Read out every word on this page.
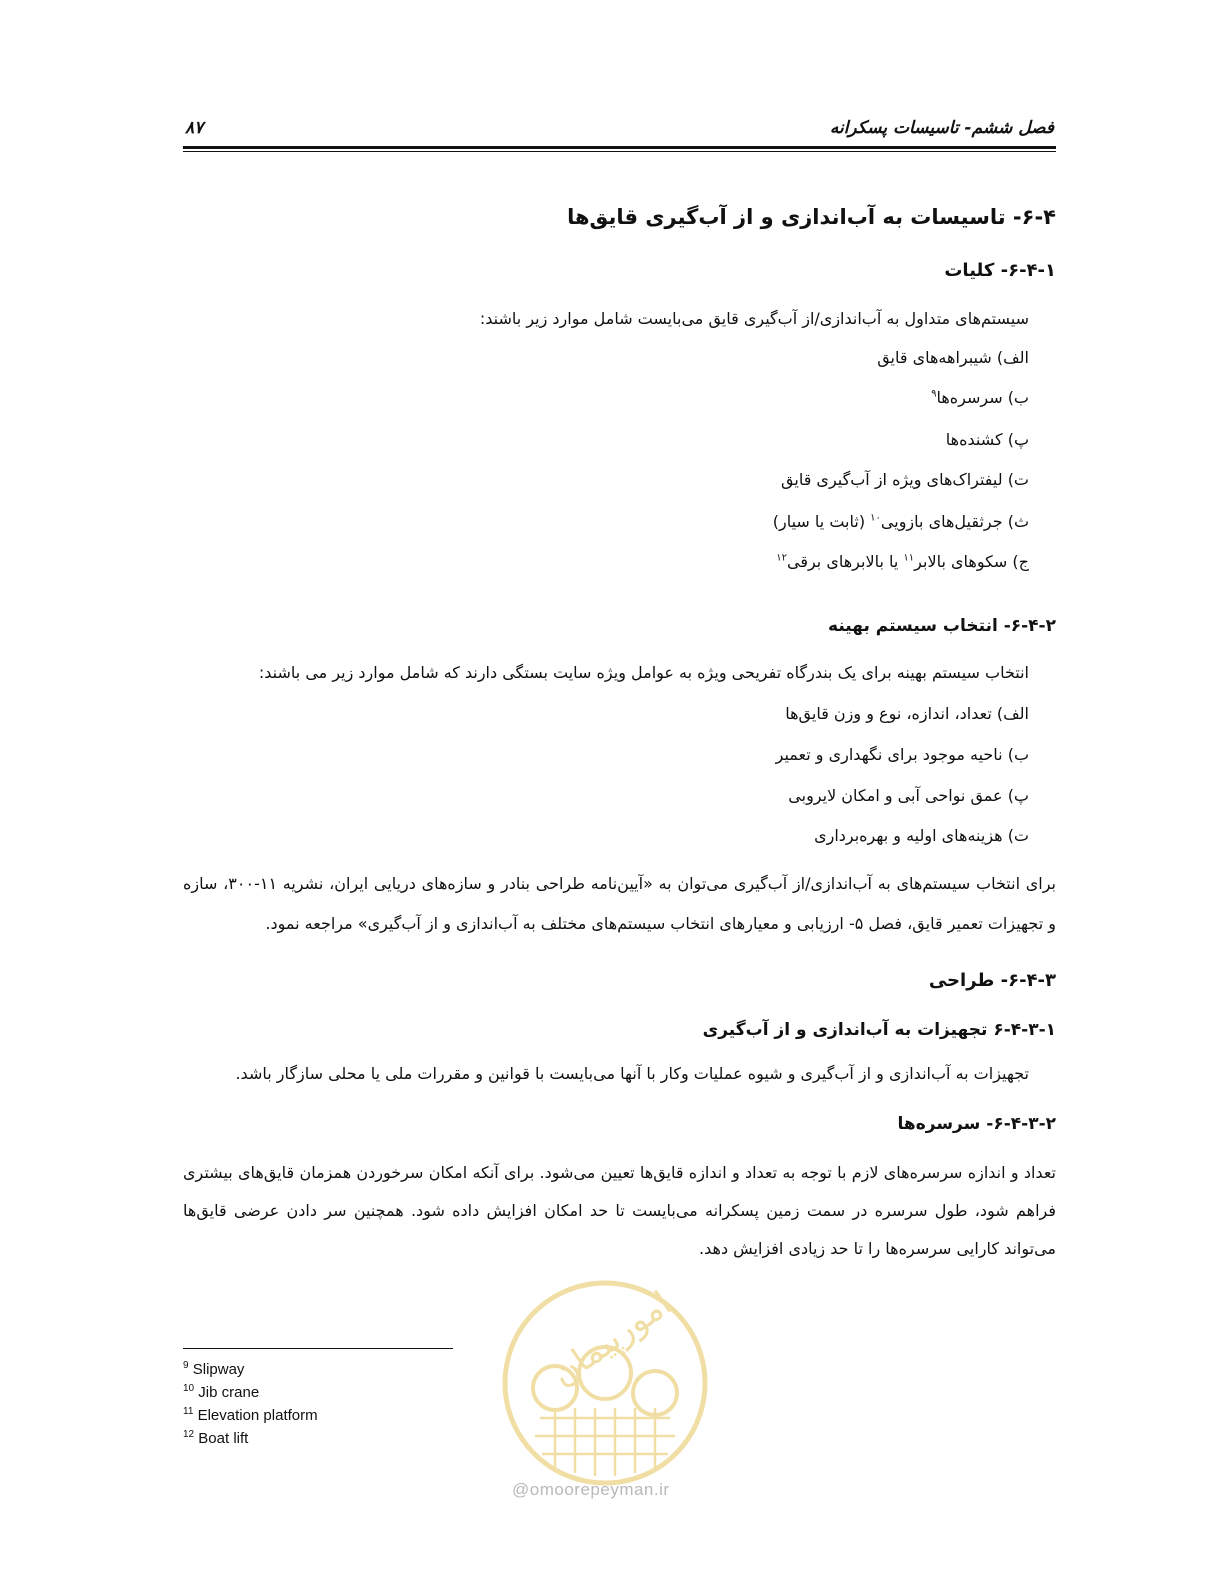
فصل ششم- تاسیسات پسکرانه
۸۷
۶-۴- تاسیسات به آب‌اندازی و از آب‌گیری قایق‌ها
۶-۴-۱- کلیات
سیستم‌های متداول به آب‌اندازی/از آب‌گیری قایق می‌بایست شامل موارد زیر باشند:
الف) شیبراهه‌های قایق
ب) سرسره‌ها$^۹$
پ) کشنده‌ها
ت) لیفتراک‌های ویژه از آب‌گیری قایق
ث) جرثقیل‌های بازویی$^{۱۰}$ (ثابت یا سیار)
ج) سکوهای بالابر$^{۱۱}$ یا بالابرهای برقی$^{۱۲}$
۶-۴-۲- انتخاب سیستم بهینه
انتخاب سیستم بهینه برای یک بندرگاه تفریحی ویژه به عوامل ویژه سایت بستگی دارند که شامل موارد زیر می باشند:
الف) تعداد، اندازه، نوع و وزن قایق‌ها
ب) ناحیه موجود برای نگهداری و تعمیر
پ) عمق نواحی آبی و امکان لایروبی
ت) هزینه‌های اولیه و بهره‌برداری
برای انتخاب سیستم‌های به آب‌اندازی/از آب‌گیری می‌توان به «آیین‌نامه طراحی بنادر و سازه‌های دریایی ایران، نشریه ۱۱-۳۰۰، سازه و تجهیزات تعمیر قایق، فصل ۵- ارزیابی و معیارهای انتخاب سیستم‌های مختلف به آب‌اندازی و از آب‌گیری» مراجعه نمود.
۶-۴-۳- طراحی
۶-۴-۳-۱ تجهیزات به آب‌اندازی و از آب‌گیری
تجهیزات به آب‌اندازی و از آب‌گیری و شیوه عملیات وکار با آنها می‌بایست با قوانین و مقررات ملی یا محلی سازگار باشد.
۶-۴-۳-۲- سرسره‌ها
تعداد و اندازه سرسره‌های لازم با توجه به تعداد و اندازه قایق‌ها تعیین می‌شود. برای آنکه امکان سرخوردن همزمان قایق‌های بیشتری فراهم شود، طول سرسره در سمت زمین پسکرانه می‌بایست تا حد امکان افزایش داده شود. همچنین سر دادن عرضی قایق‌ها می‌تواند کارایی سرسره‌ها را تا حد زیادی افزایش دهد.
امورپیمان
@omoorepeyman.ir
$^9$ Slipway
$^{10}$ Jib crane
$^{11}$ Elevation platform
$^{12}$ Boat lift
